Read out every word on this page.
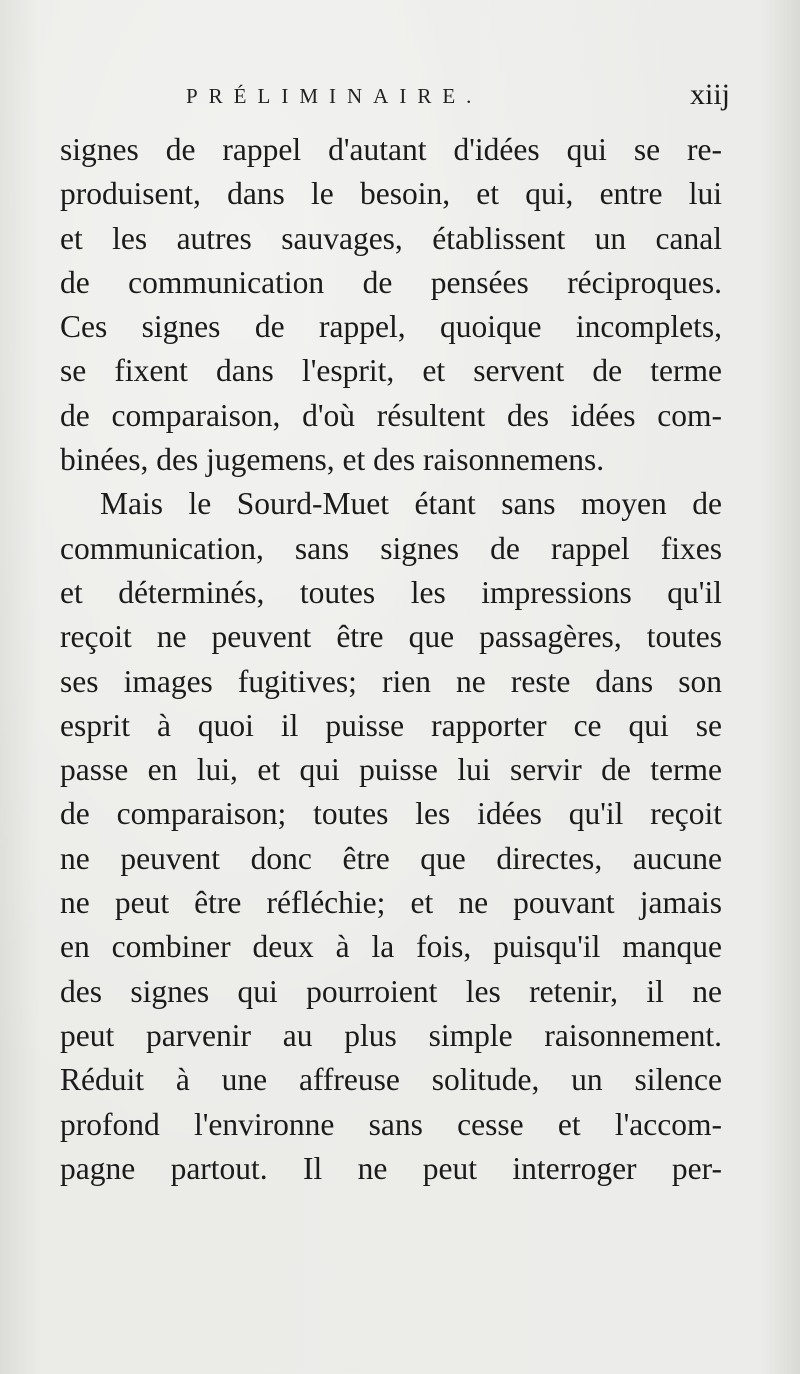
PRÉLIMINAIRE.	xiij
signes de rappel d'autant d'idées qui se re-
produisent, dans le besoin, et qui, entre lui
et les autres sauvages, établissent un canal
de communication de pensées réciproques.
Ces signes de rappel, quoique incomplets,
se fixent dans l'esprit, et servent de terme
de comparaison, d'où résultent des idées com-
binées, des jugemens, et des raisonnemens.
Mais le Sourd-Muet étant sans moyen de
communication, sans signes de rappel fixes
et déterminés, toutes les impressions qu'il
reçoit ne peuvent être que passagères, toutes
ses images fugitives; rien ne reste dans son
esprit à quoi il puisse rapporter ce qui se
passe en lui, et qui puisse lui servir de terme
de comparaison; toutes les idées qu'il reçoit
ne peuvent donc être que directes, aucune
ne peut être réfléchie; et ne pouvant jamais
en combiner deux à la fois, puisqu'il manque
des signes qui pourroient les retenir, il ne
peut parvenir au plus simple raisonnement.
Réduit à une affreuse solitude, un silence
profond l'environne sans cesse et l'accom-
pagne partout. Il ne peut interroger per-
